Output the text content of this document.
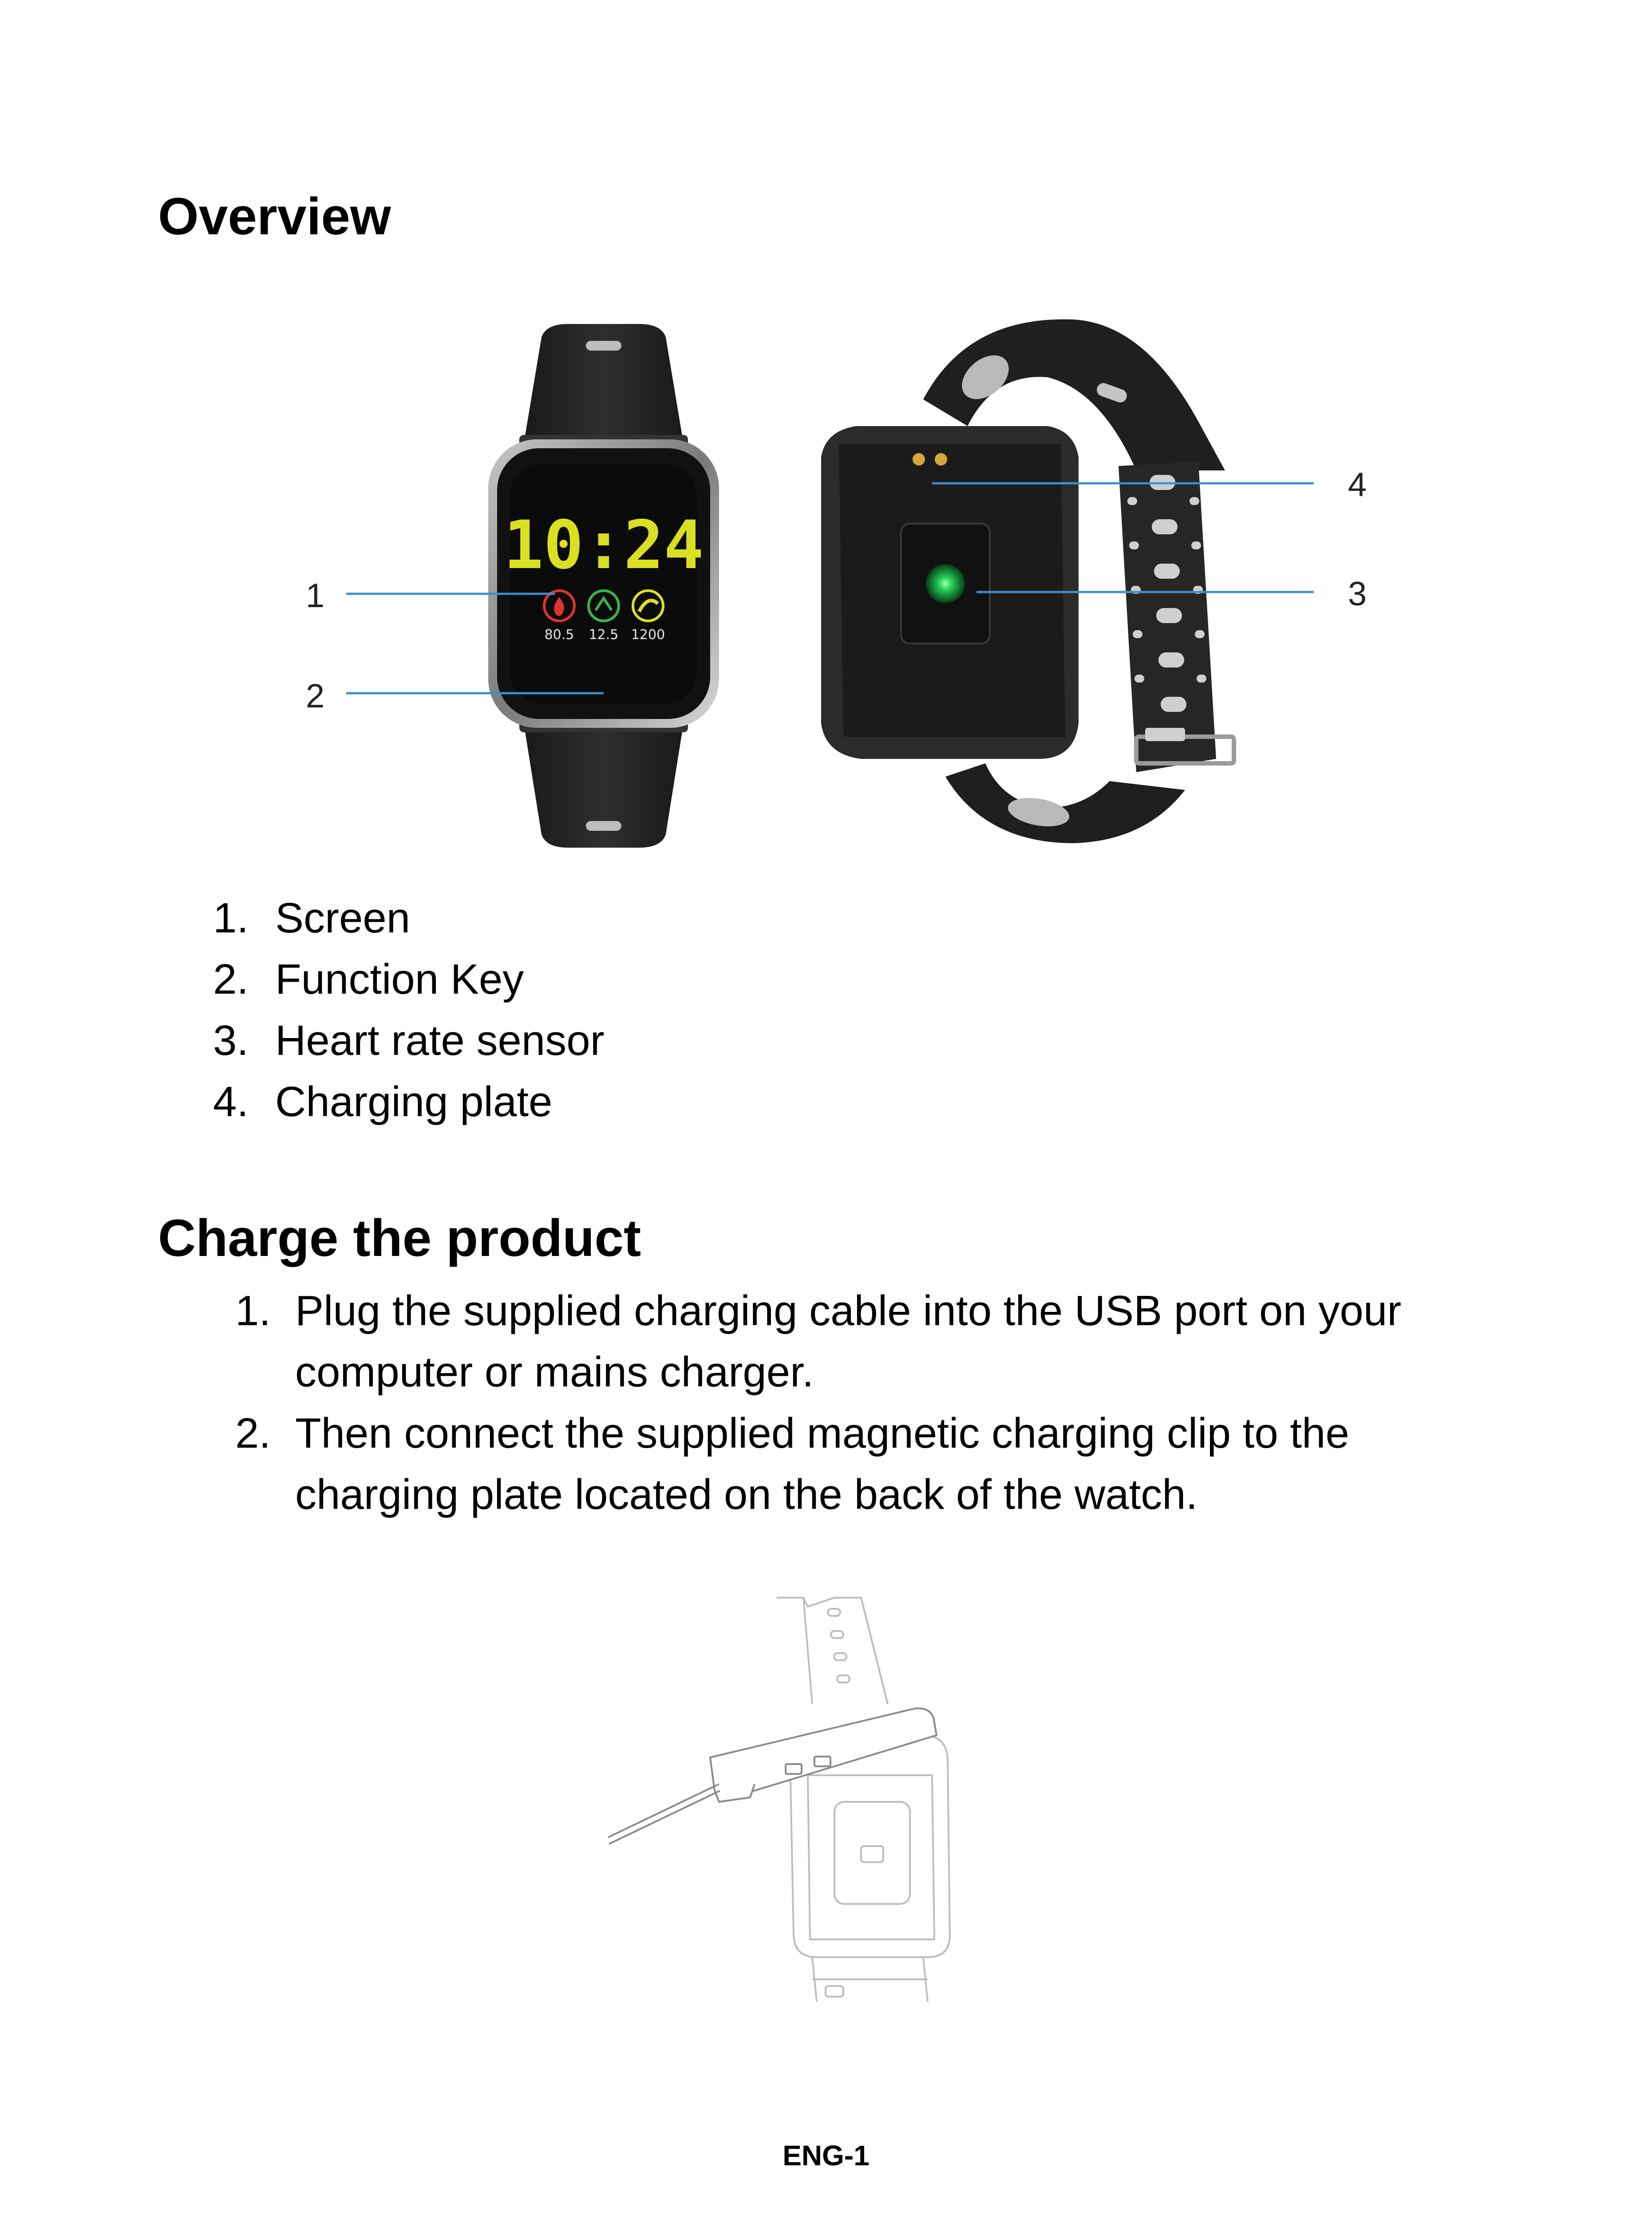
Overview
10:24
80.5 12.5 1200
1
2
3
4
1. Screen
2. Function Key
3. Heart rate sensor
4. Charging plate
Charge the product
1. Plug the supplied charging cable into the USB port on your computer or mains charger.
2. Then connect the supplied magnetic charging clip to the charging plate located on the back of the watch.
ENG-1
